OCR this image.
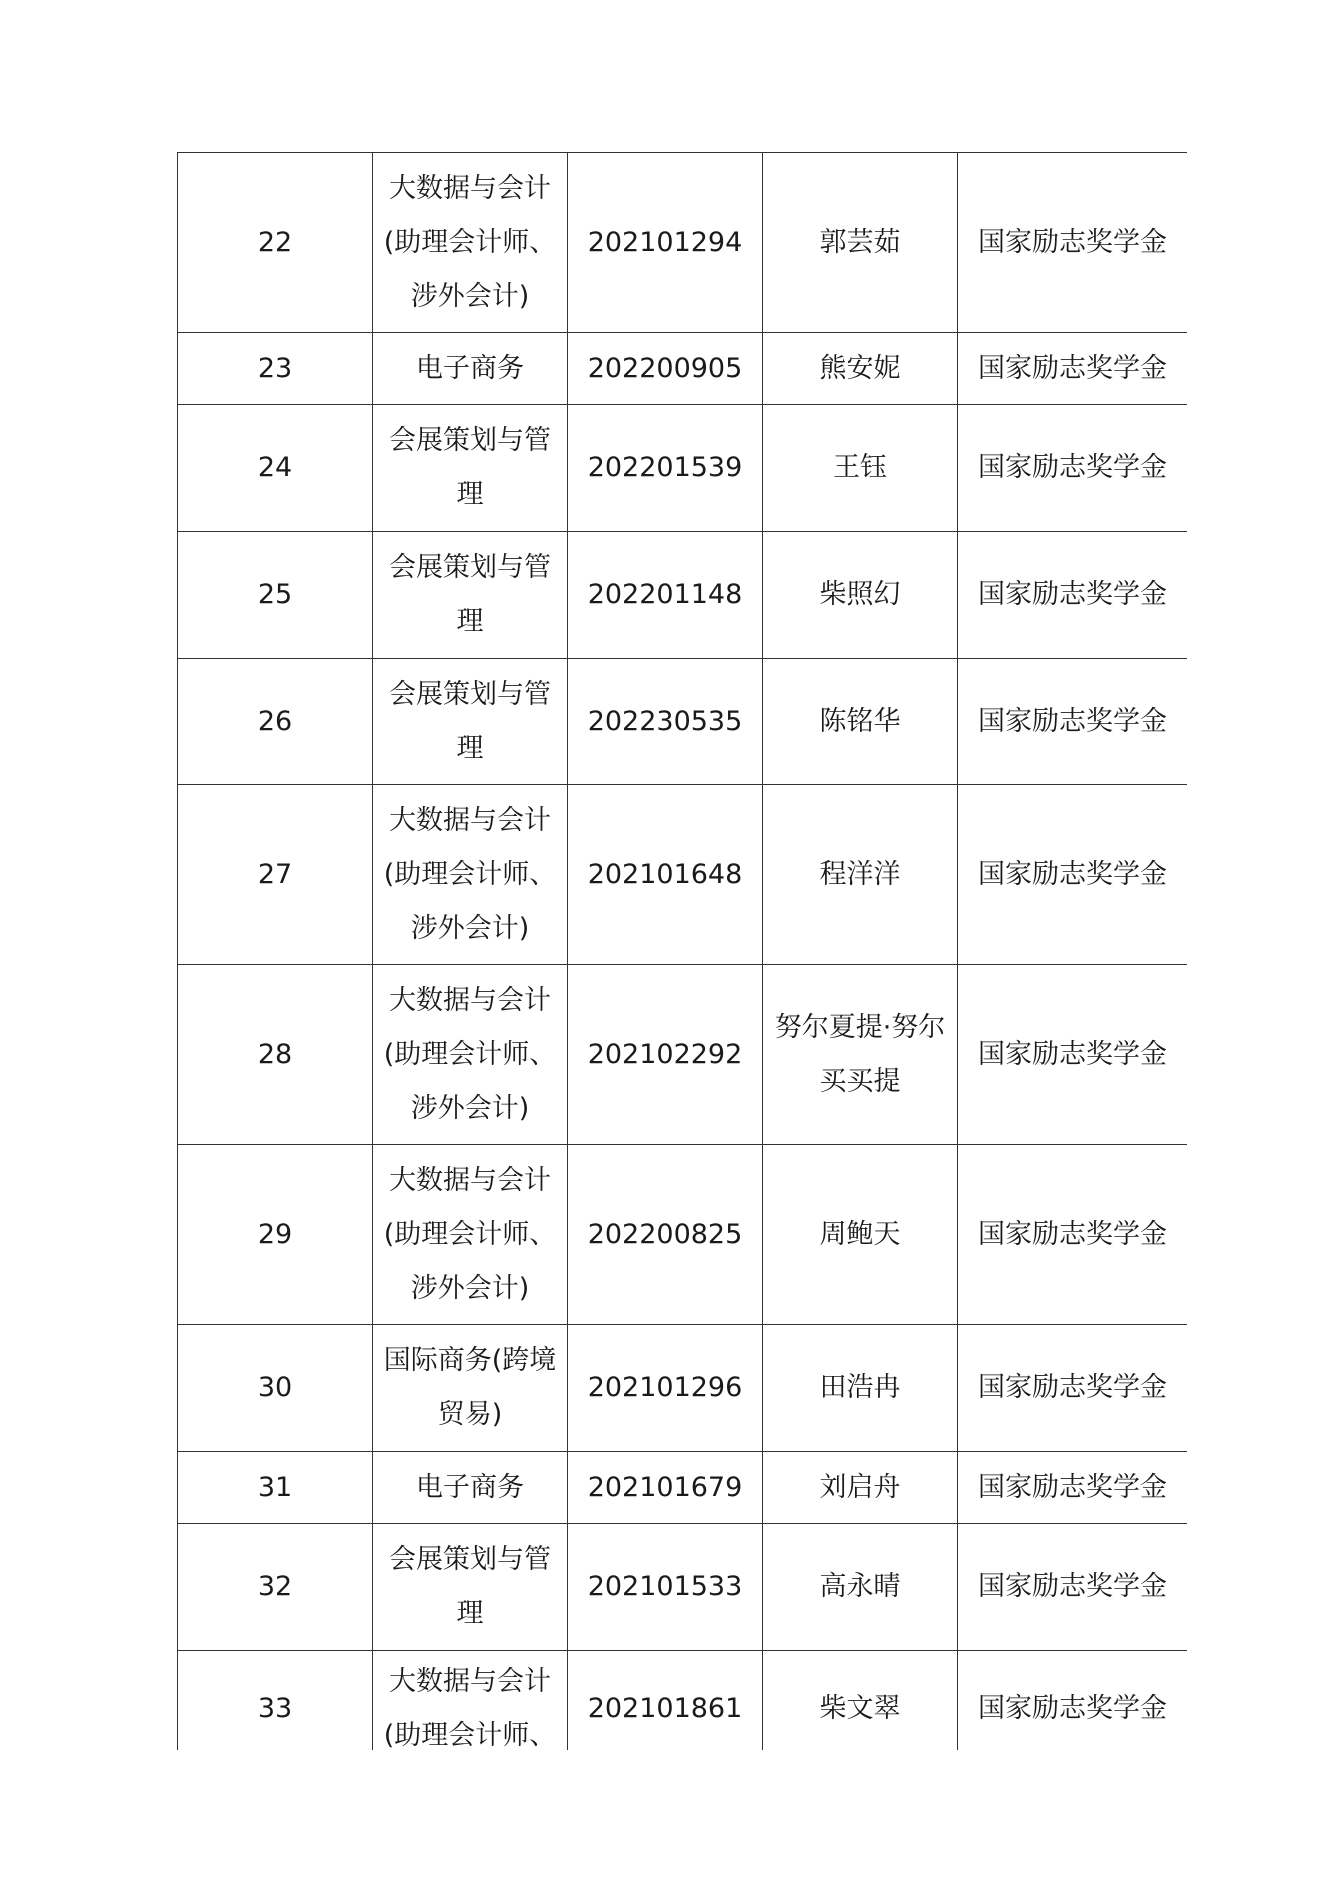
22	大数据与会计(助理会计师、涉外会计)	202101294	郭芸茹	国家励志奖学金
23	电子商务	202200905	熊安妮	国家励志奖学金
24	会展策划与管理	202201539	王钰	国家励志奖学金
25	会展策划与管理	202201148	柴照幻	国家励志奖学金
26	会展策划与管理	202230535	陈铭华	国家励志奖学金
27	大数据与会计(助理会计师、涉外会计)	202101648	程洋洋	国家励志奖学金
28	大数据与会计(助理会计师、涉外会计)	202102292	努尔夏提·努尔买买提	国家励志奖学金
29	大数据与会计(助理会计师、涉外会计)	202200825	周鲍天	国家励志奖学金
30	国际商务(跨境贸易)	202101296	田浩冉	国家励志奖学金
31	电子商务	202101679	刘启舟	国家励志奖学金
32	会展策划与管理	202101533	高永晴	国家励志奖学金
33	大数据与会计(助理会计师、	202101861	柴文翠	国家励志奖学金
